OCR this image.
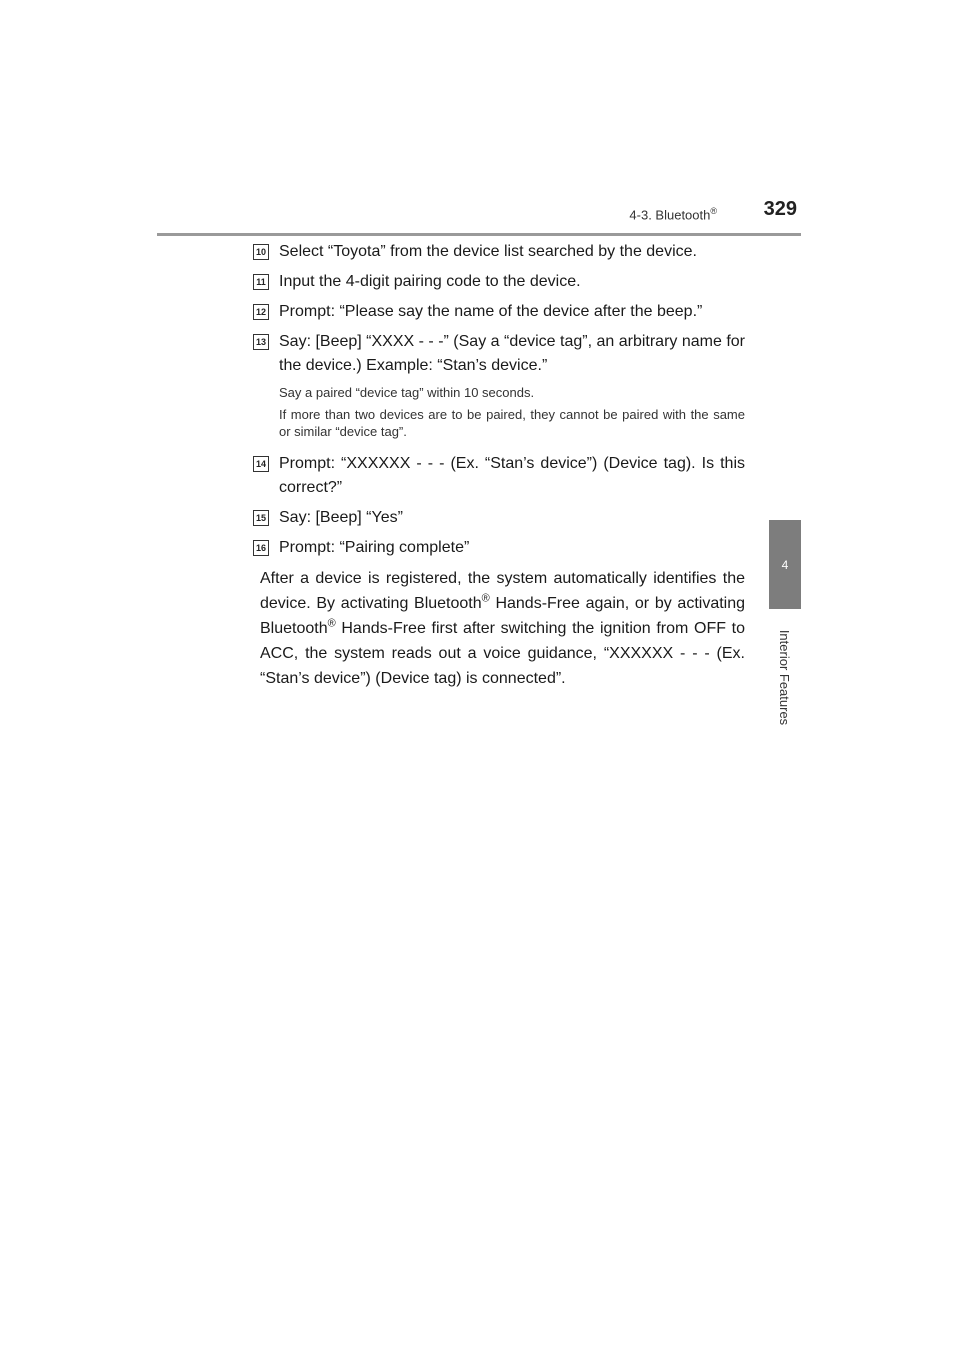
4-3. Bluetooth® 329
4
Interior Features
10 Select “Toyota” from the device list searched by the device.
11 Input the 4-digit pairing code to the device.
12 Prompt: “Please say the name of the device after the beep.”
13 Say: [Beep] “XXXX - - -” (Say a “device tag”, an arbitrary name for the device.) Example: “Stan’s device.”
Say a paired “device tag” within 10 seconds.
If more than two devices are to be paired, they cannot be paired with the same or similar “device tag”.
14 Prompt: “XXXXXX - - - (Ex. “Stan’s device”) (Device tag). Is this correct?”
15 Say: [Beep] “Yes”
16 Prompt: “Pairing complete”
After a device is registered, the system automatically identifies the device. By activating Bluetooth® Hands-Free again, or by activating Bluetooth® Hands-Free first after switching the ignition from OFF to ACC, the system reads out a voice guidance, “XXXXXX - - - (Ex. “Stan’s device”) (Device tag) is connected”.
